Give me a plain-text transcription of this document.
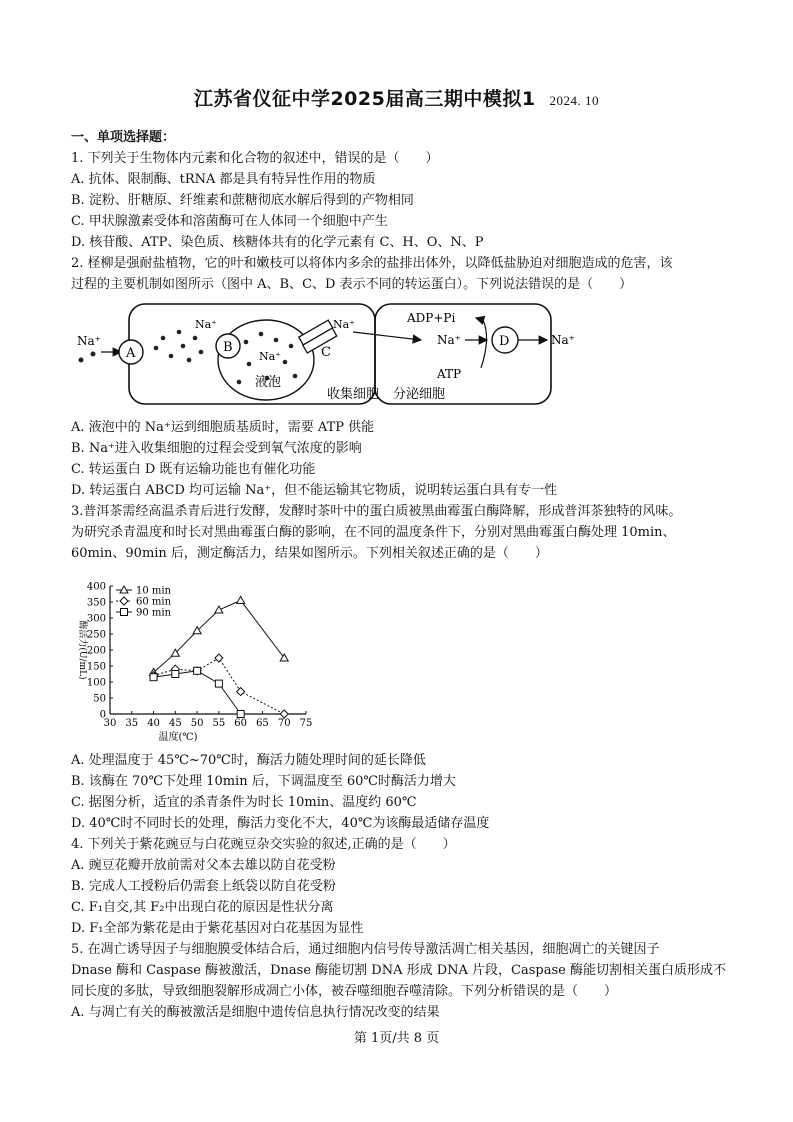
江苏省仪征中学2025届高三期中模拟1 2024. 10
一、单项选择题：
1. 下列关于生物体内元素和化合物的叙述中，错误的是（　　）
A. 抗体、限制酶、tRNA 都是具有特异性作用的物质
B. 淀粉、肝糖原、纤维素和蔗糖彻底水解后得到的产物相同
C. 甲状腺激素受体和溶菌酶可在人体同一个细胞中产生
D. 核苷酸、ATP、染色质、核糖体共有的化学元素有 C、H、O、N、P
2. 柽柳是强耐盐植物，它的叶和嫩枝可以将体内多余的盐排出体外，以降低盐胁迫对细胞造成的危害，该
过程的主要机制如图所示（图中 A、B、C、D 表示不同的转运蛋白）。下列说法错误的是（　　）
Na⁺
A	B
Na⁺
Na⁺
液泡
C
Na⁺
收集细胞
ADP+Pi
Na⁺
ATP
D	Na⁺
分泌细胞
A. 液泡中的 Na⁺运到细胞质基质时，需要 ATP 供能
B. Na⁺进入收集细胞的过程会受到氧气浓度的影响
C. 转运蛋白 D 既有运输功能也有催化功能
D. 转运蛋白 ABCD 均可运输 Na⁺，但不能运输其它物质，说明转运蛋白具有专一性
3.普洱茶需经高温杀青后进行发酵，发酵时茶叶中的蛋白质被黑曲霉蛋白酶降解，形成普洱茶独特的风味。
为研究杀青温度和时长对黑曲霉蛋白酶的影响，在不同的温度条件下，分别对黑曲霉蛋白酶处理 10min、
60min、90min 后，测定酶活力，结果如图所示。下列相关叙述正确的是（　　）
30 35 40 45 50 55 60 65 70 75
0
50
100
150
200
250
300
350
400
温度(℃)
酶活力(U/mL)
10 min
60 min
90 min
A. 处理温度于 45℃~70℃时，酶活力随处理时间的延长降低
B. 该酶在 70℃下处理 10min 后，下调温度至 60℃时酶活力增大
C. 据图分析，适宜的杀青条件为时长 10min、温度约 60℃
D. 40℃时不同时长的处理，酶活力变化不大，40℃为该酶最适储存温度
4. 下列关于紫花豌豆与白花豌豆杂交实验的叙述,正确的是（　　）
A. 豌豆花瓣开放前需对父本去雄以防自花受粉
B. 完成人工授粉后仍需套上纸袋以防自花受粉
C. F₁自交,其 F₂中出现白花的原因是性状分离
D. F₁全部为紫花是由于紫花基因对白花基因为显性
5. 在凋亡诱导因子与细胞膜受体结合后，通过细胞内信号传导激活凋亡相关基因，细胞凋亡的关键因子
Dnase 酶和 Caspase 酶被激活，Dnase 酶能切割 DNA 形成 DNA 片段，Caspase 酶能切割相关蛋白质形成不
同长度的多肽，导致细胞裂解形成凋亡小体，被吞噬细胞吞噬清除。下列分析错误的是（　　）
A. 与凋亡有关的酶被激活是细胞中遗传信息执行情况改变的结果
第 1页/共 8 页
